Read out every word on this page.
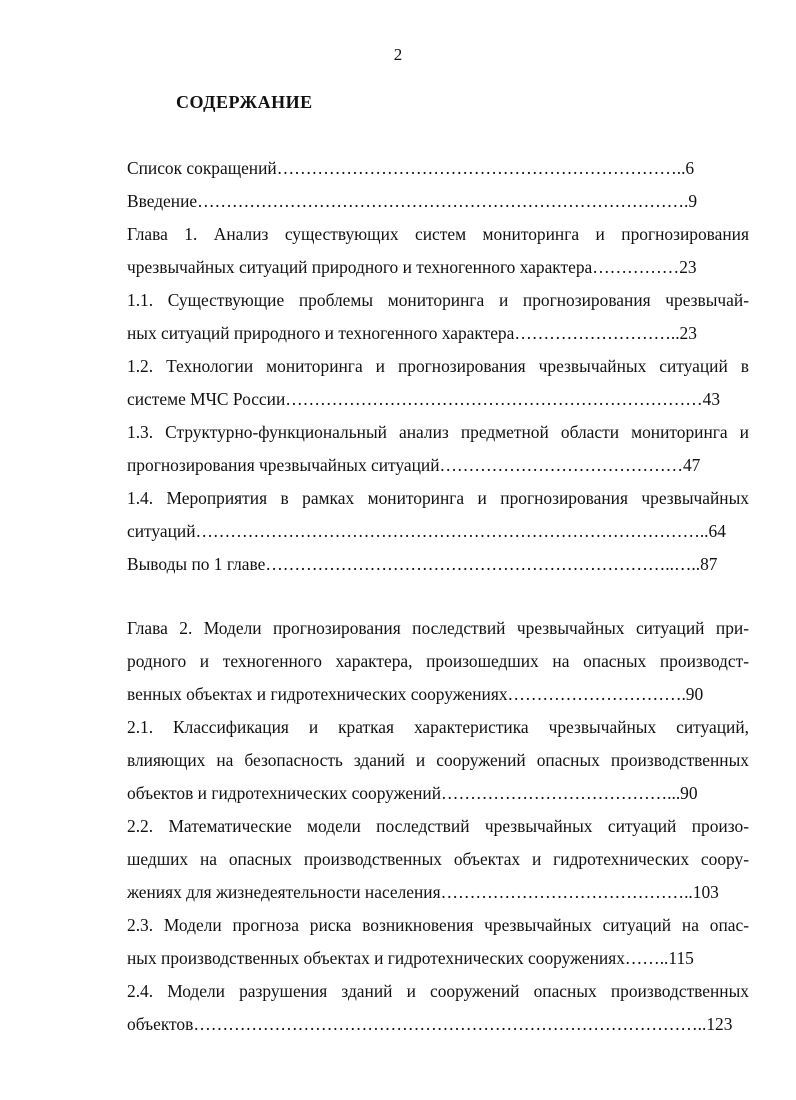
2
СОДЕРЖАНИЕ
Список сокращений……………………………………………………………..6
Введение………………………………………………………………………….9
Глава 1. Анализ существующих систем мониторинга и прогнозирования
чрезвычайных ситуаций природного и техногенного характера……………23
1.1. Существующие проблемы мониторинга и прогнозирования чрезвычай-
ных ситуаций природного и техногенного характера………………………..23
1.2. Технологии мониторинга и прогнозирования чрезвычайных ситуаций в
системе МЧС России………………………………………………………………43
1.3. Структурно-функциональный анализ предметной области мониторинга и
прогнозирования чрезвычайных ситуаций……………………………………47
1.4. Мероприятия в рамках мониторинга и прогнозирования чрезвычайных
ситуаций……………………………………………………………………………..64
Выводы по 1 главе……………………………………………………………..…..87
Глава 2. Модели прогнозирования последствий чрезвычайных ситуаций при-
родного и техногенного характера, произошедших на опасных производст-
венных объектах и гидротехнических сооружениях………………………….90
2.1. Классификация и краткая характеристика чрезвычайных ситуаций,
влияющих на безопасность зданий и сооружений опасных производственных
объектов и гидротехнических сооружений…………………………………...90
2.2. Математические модели последствий чрезвычайных ситуаций произо-
шедших на опасных производственных объектах и гидротехнических соору-
жениях для жизнедеятельности населения……………………………………..103
2.3. Модели прогноза риска возникновения чрезвычайных ситуаций на опас-
ных производственных объектах и гидротехнических сооружениях……..115
2.4. Модели разрушения зданий и сооружений опасных производственных
объектов……………………………………………………………………………..123
